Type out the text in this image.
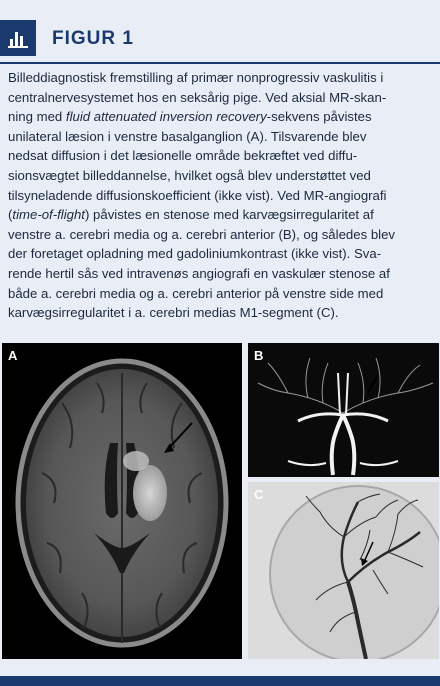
FIGUR 1
Billeddiagnostisk fremstilling af primær nonprogressiv vaskulitis i
centralnervesystemet hos en seksårig pige. Ved aksial MR-skan-
ning med fluid attenuated inversion recovery-sekvens påvistes
unilateral læsion i venstre basalganglion (A). Tilsvarende blev
nedsat diffusion i det læsionelle område bekræftet ved diffu-
sionsvægtet billeddannelse, hvilket også blev understøttet ved
tilsyneladende diffusionskoefficient (ikke vist). Ved MR-angiografi
(time-of-flight) påvistes en stenose med karvægsirregularitet af
venstre a. cerebri media og a. cerebri anterior (B), og således blev
der foretaget opladning med gadoliniumkontrast (ikke vist). Sva-
rende hertil sås ved intravenøs angiografi en vaskulær stenose af
både a. cerebri media og a. cerebri anterior på venstre side med
karvægsirregularitet i a. cerebri medias M1-segment (C).
A	B
C
